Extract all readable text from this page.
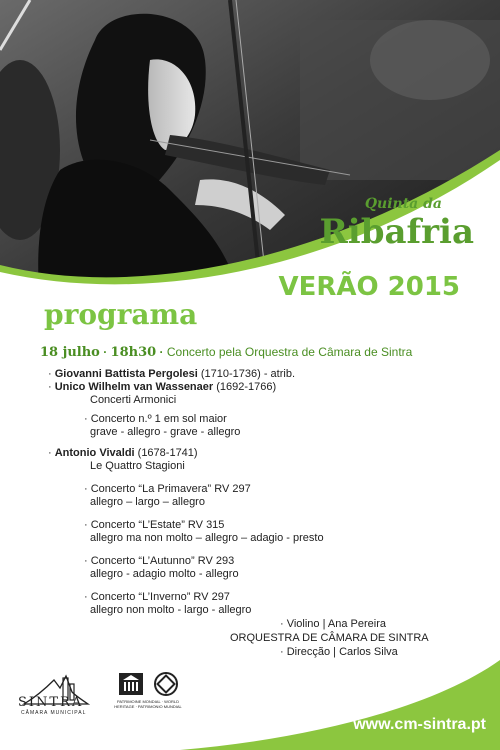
Quinta da
Ribafria
VERÃO 2015
programa
18 julho · 18h30 · Concerto pela Orquestra de Câmara de Sintra
· Giovanni Battista Pergolesi (1710-1736) - atrib.
· Unico Wilhelm van Wassenaer (1692-1766)
Concerti Armonici
· Concerto n.º 1 em sol maior
grave - allegro - grave - allegro
· Antonio Vivaldi (1678-1741)
Le Quattro Stagioni
· Concerto “La Primavera” RV 297
allegro – largo – allegro
· Concerto “L’Estate” RV 315
allegro ma non molto – allegro – adagio - presto
· Concerto “L’Autunno” RV 293
allegro - adagio molto - allegro
· Concerto “L’Inverno” RV 297
allegro non molto - largo - allegro
· Violino | Ana Pereira
ORQUESTRA DE CÂMARA DE SINTRA
· Direcção | Carlos Silva
SINTRA
CÂMARA MUNICIPAL
PATRIMOINE MONDIAL · WORLD HERITAGE · PATRIMONIO MUNDIAL
www.cm-sintra.pt
